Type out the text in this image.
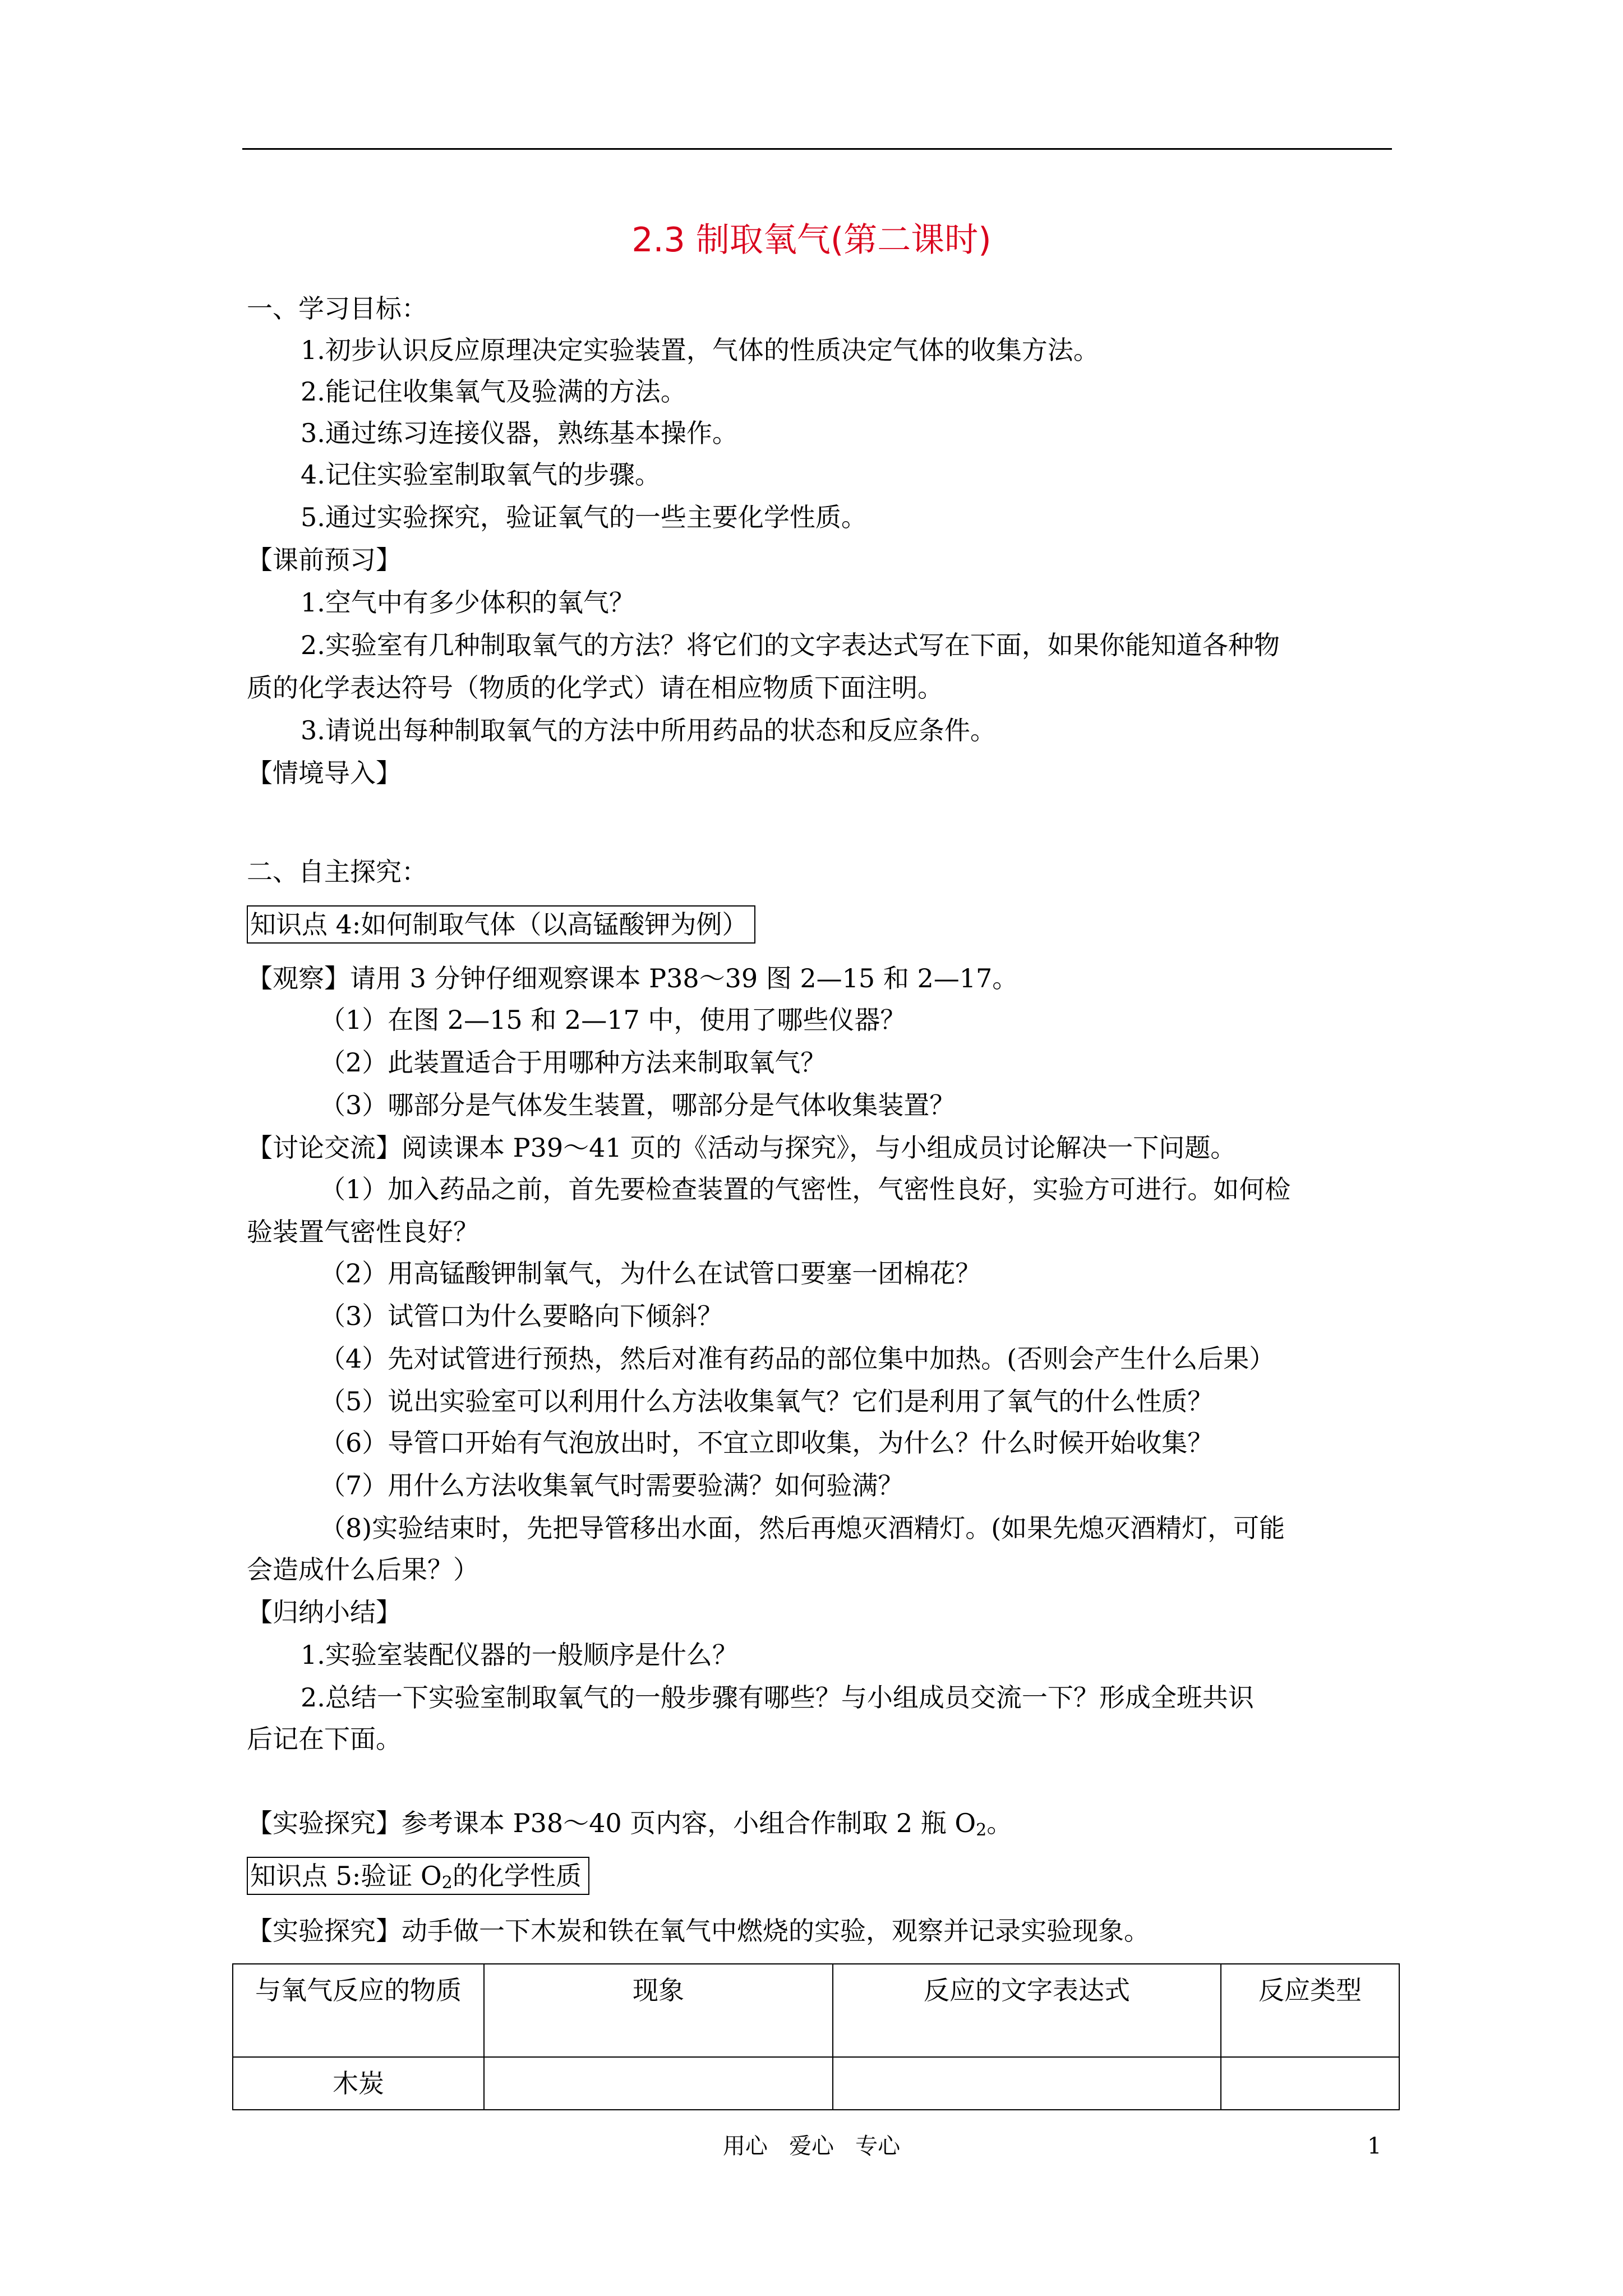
2.3 制取氧气(第二课时)
一、学习目标：
1.初步认识反应原理决定实验装置，气体的性质决定气体的收集方法。
2.能记住收集氧气及验满的方法。
3.通过练习连接仪器，熟练基本操作。
4.记住实验室制取氧气的步骤。
5.通过实验探究，验证氧气的一些主要化学性质。
【课前预习】
1.空气中有多少体积的氧气？
2.实验室有几种制取氧气的方法？将它们的文字表达式写在下面，如果你能知道各种物
质的化学表达符号（物质的化学式）请在相应物质下面注明。
3.请说出每种制取氧气的方法中所用药品的状态和反应条件。
【情境导入】
二、自主探究：
知识点 4:如何制取气体（以高锰酸钾为例）
【观察】请用 3 分钟仔细观察课本 P38～39 图 2—15 和 2—17。
（1）在图 2—15 和 2—17 中，使用了哪些仪器？
（2）此装置适合于用哪种方法来制取氧气？
（3）哪部分是气体发生装置，哪部分是气体收集装置？
【讨论交流】阅读课本 P39～41 页的《活动与探究》，与小组成员讨论解决一下问题。
（1）加入药品之前，首先要检查装置的气密性，气密性良好，实验方可进行。如何检
验装置气密性良好？
（2）用高锰酸钾制氧气，为什么在试管口要塞一团棉花？
（3）试管口为什么要略向下倾斜？
（4）先对试管进行预热，然后对准有药品的部位集中加热。(否则会产生什么后果）
（5）说出实验室可以利用什么方法收集氧气？它们是利用了氧气的什么性质？
（6）导管口开始有气泡放出时，不宜立即收集，为什么？什么时候开始收集？
（7）用什么方法收集氧气时需要验满？如何验满？
（8)实验结束时，先把导管移出水面，然后再熄灭酒精灯。(如果先熄灭酒精灯，可能
会造成什么后果？）
【归纳小结】
1.实验室装配仪器的一般顺序是什么？
2.总结一下实验室制取氧气的一般步骤有哪些？与小组成员交流一下？形成全班共识
后记在下面。
【实验探究】参考课本 P38～40 页内容，小组合作制取 2 瓶 $O_2$。
知识点 5:验证 $O_2$的化学性质
【实验探究】动手做一下木炭和铁在氧气中燃烧的实验，观察并记录实验现象。
与氧气反应的物质	现象	反应的文字表达式	反应类型
木炭			
用心   爱心   专心	1
